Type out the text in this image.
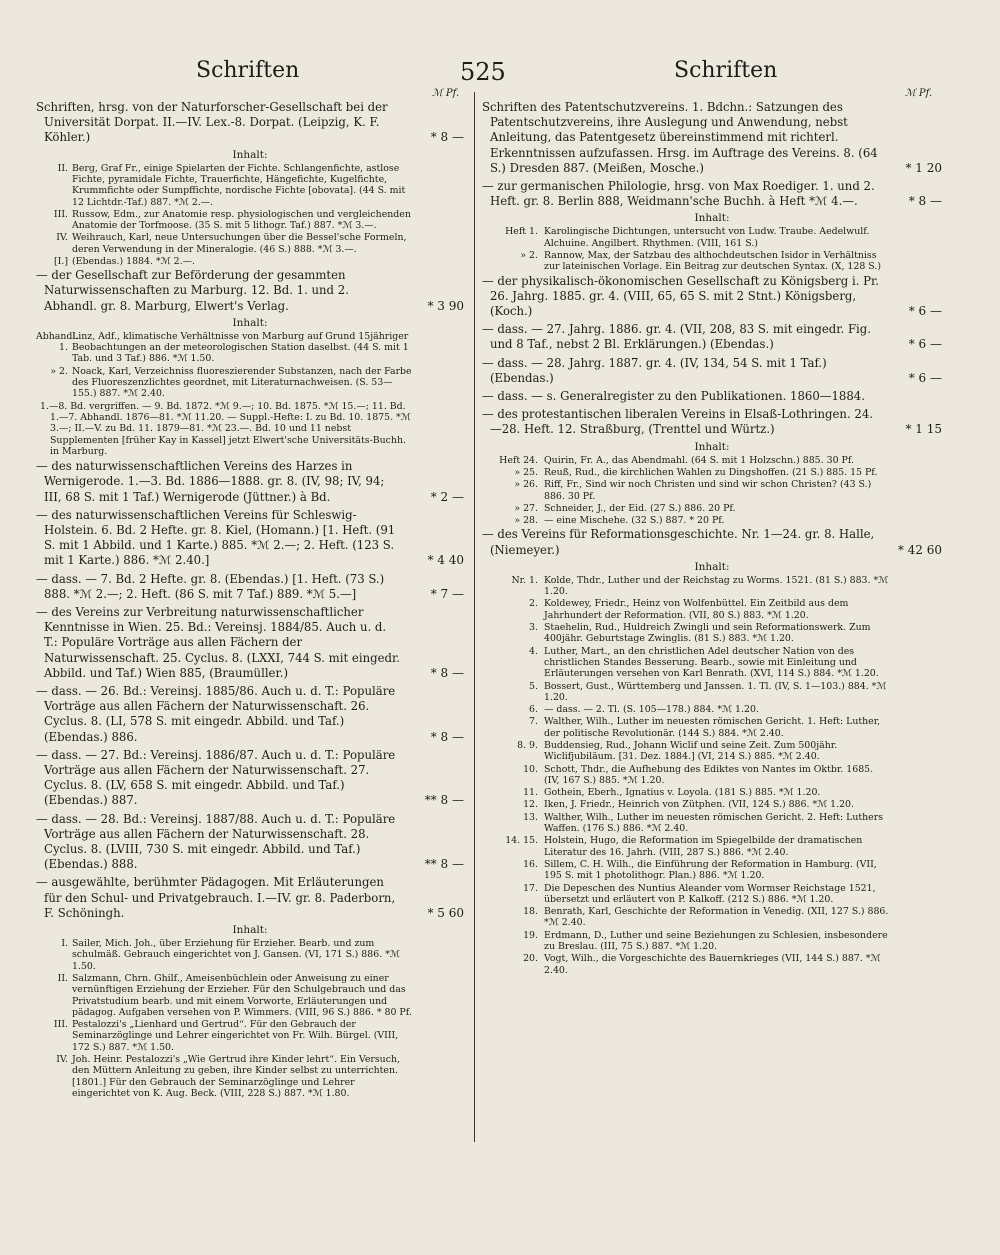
Schriften	525	Schriften
ℳ Pf.	ℳ Pf.
Schriften, hrsg. von der Naturforscher-Gesellschaft bei der Universität Dorpat. II.—IV. Lex.-8. Dorpat. (Leipzig, K. F. Köhler.)	* 8 —
Inhalt:
II. Berg, Graf Fr., einige Spielarten der Fichte. Schlangenfichte, astlose Fichte, pyramidale Fichte, Trauerfichte, Hängefichte, Kugelfichte, Krummfichte oder Sumpffichte, nordische Fichte [obovata]. (44 S. mit 12 Lichtdr.-Taf.) 887. *ℳ 2.—.
III. Russow, Edm., zur Anatomie resp. physiologischen und vergleichenden Anatomie der Torfmoose. (35 S. mit 5 lithogr. Taf.) 887. *ℳ 3.—.
IV. Weihrauch, Karl, neue Untersuchungen über die Bessel'sche Formeln, deren Verwendung in der Mineralogie. (46 S.) 888. *ℳ 3.—.
[I.] (Ebendas.) 1884. *ℳ 2.—.
— der Gesellschaft zur Beförderung der gesammten Naturwissenschaften zu Marburg. 12. Bd. 1. und 2. Abhandl. gr. 8. Marburg, Elwert's Verlag.	* 3 90
Inhalt:
Abhandl. 1.
Linz, Adf., klimatische Verhältnisse von Marburg auf Grund 15jähriger Beobachtungen an der meteorologischen Station daselbst. (44 S. mit 1 Tab. und 3 Taf.) 886. *ℳ 1.50.
» 2. Noack, Karl, Verzeichniss fluoreszierender Substanzen, nach der Farbe des Fluoreszenzlichtes geordnet, mit Literaturnachweisen. (S. 53—155.) 887. *ℳ 2.40.
1.—8. Bd. vergriffen. — 9. Bd. 1872. *ℳ 9.—; 10. Bd. 1875. *ℳ 15.—; 11. Bd. 1.—7. Abhandl. 1876—81. *ℳ 11.20. — Suppl.-Hefte: I. zu Bd. 10. 1875. *ℳ 3.—; II.—V. zu Bd. 11. 1879—81. *ℳ 23.—. Bd. 10 und 11 nebst Supplementen [früher Kay in Kassel] jetzt Elwert'sche Universitäts-Buchh. in Marburg.
— des naturwissenschaftlichen Vereins des Harzes in Wernigerode. 1.—3. Bd. 1886—1888. gr. 8. (IV, 98; IV, 94; III, 68 S. mit 1 Taf.) Wernigerode (Jüttner.) à Bd.	* 2 —
— des naturwissenschaftlichen Vereins für Schleswig-Holstein. 6. Bd. 2 Hefte. gr. 8. Kiel, (Homann.) [1. Heft. (91 S. mit 1 Abbild. und 1 Karte.) 885. *ℳ 2.—; 2. Heft. (123 S. mit 1 Karte.) 886. *ℳ 2.40.]	* 4 40
— dass. — 7. Bd. 2 Hefte. gr. 8. (Ebendas.) [1. Heft. (73 S.) 888. *ℳ 2.—; 2. Heft. (86 S. mit 7 Taf.) 889. *ℳ 5.—]	* 7 —
— des Vereins zur Verbreitung naturwissenschaftlicher Kenntnisse in Wien. 25. Bd.: Vereinsj. 1884/85. Auch u. d. T.: Populäre Vorträge aus allen Fächern der Naturwissenschaft. 25. Cyclus. 8. (LXXI, 744 S. mit eingedr. Abbild. und Taf.) Wien 885, (Braumüller.)	* 8 —
— dass. — 26. Bd.: Vereinsj. 1885/86. Auch u. d. T.: Populäre Vorträge aus allen Fächern der Naturwissenschaft. 26. Cyclus. 8. (LI, 578 S. mit eingedr. Abbild. und Taf.) (Ebendas.) 886.	* 8 —
— dass. — 27. Bd.: Vereinsj. 1886/87. Auch u. d. T.: Populäre Vorträge aus allen Fächern der Naturwissenschaft. 27. Cyclus. 8. (LV, 658 S. mit eingedr. Abbild. und Taf.) (Ebendas.) 887.	** 8 —
— dass. — 28. Bd.: Vereinsj. 1887/88. Auch u. d. T.: Populäre Vorträge aus allen Fächern der Naturwissenschaft. 28. Cyclus. 8. (LVIII, 730 S. mit eingedr. Abbild. und Taf.) (Ebendas.) 888.	** 8 —
— ausgewählte, berühmter Pädagogen. Mit Erläuterungen für den Schul- und Privatgebrauch. I.—IV. gr. 8. Paderborn, F. Schöningh.	* 5 60
Inhalt:
I. Sailer, Mich. Joh., über Erziehung für Erzieher. Bearb. und zum schulmäß. Gebrauch eingerichtet von J. Gansen. (VI, 171 S.) 886. *ℳ 1.50.
II. Salzmann, Chrn. Ghilf., Ameisenbüchlein oder Anweisung zu einer vernünftigen Erziehung der Erzieher. Für den Schulgebrauch und das Privatstudium bearb. und mit einem Vorworte, Erläuterungen und pädagog. Aufgaben versehen von P. Wimmers. (VIII, 96 S.) 886. * 80 Pf.
III. Pestalozzi's „Lienhard und Gertrud“. Für den Gebrauch der Seminarzöglinge und Lehrer eingerichtet von Fr. Wilh. Bürgel. (VIII, 172 S.) 887. *ℳ 1.50.
IV. Joh. Heinr. Pestalozzi's „Wie Gertrud ihre Kinder lehrt“. Ein Versuch, den Müttern Anleitung zu geben, ihre Kinder selbst zu unterrichten. [1801.] Für den Gebrauch der Seminarzöglinge und Lehrer eingerichtet von K. Aug. Beck. (VIII, 228 S.) 887. *ℳ 1.80.
Schriften des Patentschutzvereins. 1. Bdchn.: Satzungen des Patentschutzvereins, ihre Auslegung und Anwendung, nebst Anleitung, das Patentgesetz übereinstimmend mit richterl. Erkenntnissen aufzufassen. Hrsg. im Auftrage des Vereins. 8. (64 S.) Dresden 887. (Meißen, Mosche.)	* 1 20
— zur germanischen Philologie, hrsg. von Max Roediger. 1. und 2. Heft. gr. 8. Berlin 888, Weidmann'sche Buchh. à Heft *ℳ 4.—.	* 8 —
Inhalt:
Heft 1. Karolingische Dichtungen, untersucht von Ludw. Traube. Aedelwulf. Alchuine. Angilbert. Rhythmen. (VIII, 161 S.)
» 2. Rannow, Max, der Satzbau des althochdeutschen Isidor in Verhältniss zur lateinischen Vorlage. Ein Beitrag zur deutschen Syntax. (X, 128 S.)
— der physikalisch-ökonomischen Gesellschaft zu Königsberg i. Pr. 26. Jahrg. 1885. gr. 4. (VIII, 65, 65 S. mit 2 Stnt.) Königsberg, (Koch.)	* 6 —
— dass. — 27. Jahrg. 1886. gr. 4. (VII, 208, 83 S. mit eingedr. Fig. und 8 Taf., nebst 2 Bl. Erklärungen.) (Ebendas.)	* 6 —
— dass. — 28. Jahrg. 1887. gr. 4. (IV, 134, 54 S. mit 1 Taf.) (Ebendas.)	* 6 —
— dass. — s. Generalregister zu den Publikationen. 1860—1884.
— des protestantischen liberalen Vereins in Elsaß-Lothringen. 24.—28. Heft. 12. Straßburg, (Trenttel und Würtz.)	* 1 15
Inhalt:
Heft 24. Quirin, Fr. A., das Abendmahl. (64 S. mit 1 Holzschn.) 885. 30 Pf.
» 25. Reuß, Rud., die kirchlichen Wahlen zu Dingshoffen. (21 S.) 885. 15 Pf.
» 26. Riff, Fr., Sind wir noch Christen und sind wir schon Christen? (43 S.) 886. 30 Pf.
» 27. Schneider, J., der Eid. (27 S.) 886. 20 Pf.
» 28. — eine Mischehe. (32 S.) 887. * 20 Pf.
— des Vereins für Reformationsgeschichte. Nr. 1—24. gr. 8. Halle, (Niemeyer.)	* 42 60
Inhalt:
Nr. 1. Kolde, Thdr., Luther und der Reichstag zu Worms. 1521. (81 S.) 883. *ℳ 1.20.
2. Koldewey, Friedr., Heinz von Wolfenbüttel. Ein Zeitbild aus dem Jahrhundert der Reformation. (VII, 80 S.) 883. *ℳ 1.20.
3. Staehelin, Rud., Huldreich Zwingli und sein Reformationswerk. Zum 400jähr. Geburtstage Zwinglis. (81 S.) 883. *ℳ 1.20.
4. Luther, Mart., an den christlichen Adel deutscher Nation von des christlichen Standes Besserung. Bearb., sowie mit Einleitung und Erläuterungen versehen von Karl Benrath. (XVI, 114 S.) 884. *ℳ 1.20.
5. Bossert, Gust., Württemberg und Janssen. 1. Tl. (IV, S. 1—103.) 884. *ℳ 1.20.
6. — dass. — 2. Tl. (S. 105—178.) 884. *ℳ 1.20.
7. Walther, Wilh., Luther im neuesten römischen Gericht. 1. Heft: Luther, der politische Revolutionär. (144 S.) 884. *ℳ 2.40.
8. 9. Buddensieg, Rud., Johann Wiclif und seine Zeit. Zum 500jähr. Wiclifjubiläum. [31. Dez. 1884.] (VI, 214 S.) 885. *ℳ 2.40.
10. Schott, Thdr., die Aufhebung des Ediktes von Nantes im Oktbr. 1685. (IV, 167 S.) 885. *ℳ 1.20.
11. Gothein, Eberh., Ignatius v. Loyola. (181 S.) 885. *ℳ 1.20.
12. Iken, J. Friedr., Heinrich von Zütphen. (VII, 124 S.) 886. *ℳ 1.20.
13. Walther, Wilh., Luther im neuesten römischen Gericht. 2. Heft: Luthers Waffen. (176 S.) 886. *ℳ 2.40.
14. 15. Holstein, Hugo, die Reformation im Spiegelbilde der dramatischen Literatur des 16. Jahrh. (VIII, 287 S.) 886. *ℳ 2.40.
16. Sillem, C. H. Wilh., die Einführung der Reformation in Hamburg. (VII, 195 S. mit 1 photolithogr. Plan.) 886. *ℳ 1.20.
17. Die Depeschen des Nuntius Aleander vom Wormser Reichstage 1521, übersetzt und erläutert von P. Kalkoff. (212 S.) 886. *ℳ 1.20.
18. Benrath, Karl, Geschichte der Reformation in Venedig. (XII, 127 S.) 886. *ℳ 2.40.
19. Erdmann, D., Luther und seine Beziehungen zu Schlesien, insbesondere zu Breslau. (III, 75 S.) 887. *ℳ 1.20.
20. Vogt, Wilh., die Vorgeschichte des Bauernkrieges (VII, 144 S.) 887. *ℳ 2.40.
